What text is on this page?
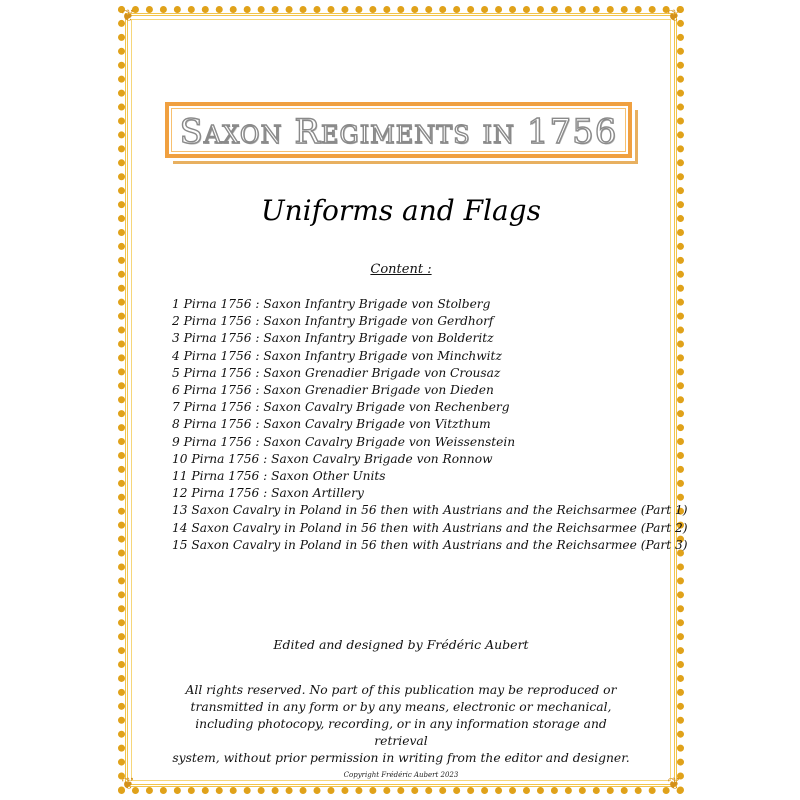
❦	❦
❦	❦
Saxon Regiments in 1756
Uniforms and Flags
Content :
1 Pirna 1756 : Saxon Infantry Brigade von Stolberg
2 Pirna 1756 : Saxon Infantry Brigade von Gerdhorf
3 Pirna 1756 : Saxon Infantry Brigade von Bolderitz
4 Pirna 1756 : Saxon Infantry Brigade von Minchwitz
5 Pirna 1756 : Saxon Grenadier Brigade von Crousaz
6 Pirna 1756 : Saxon Grenadier Brigade von Dieden
7 Pirna 1756 : Saxon Cavalry Brigade von Rechenberg
8 Pirna 1756 : Saxon Cavalry Brigade von Vitzthum
9 Pirna 1756 : Saxon Cavalry Brigade von Weissenstein
10 Pirna 1756 : Saxon Cavalry Brigade von Ronnow
11 Pirna 1756 : Saxon Other Units
12 Pirna 1756 : Saxon Artillery
13 Saxon Cavalry in Poland in 56 then with Austrians and the Reichsarmee (Part 1)
14 Saxon Cavalry in Poland in 56 then with Austrians and the Reichsarmee (Part 2)
15 Saxon Cavalry in Poland in 56 then with Austrians and the Reichsarmee (Part 3)
Edited and designed by Frédéric Aubert
All rights reserved. No part of this publication may be reproduced or
transmitted in any form or by any means, electronic or mechanical,
including photocopy, recording, or in any information storage and retrieval
system, without prior permission in writing from the editor and designer.
Copyright Frédéric Aubert 2023
